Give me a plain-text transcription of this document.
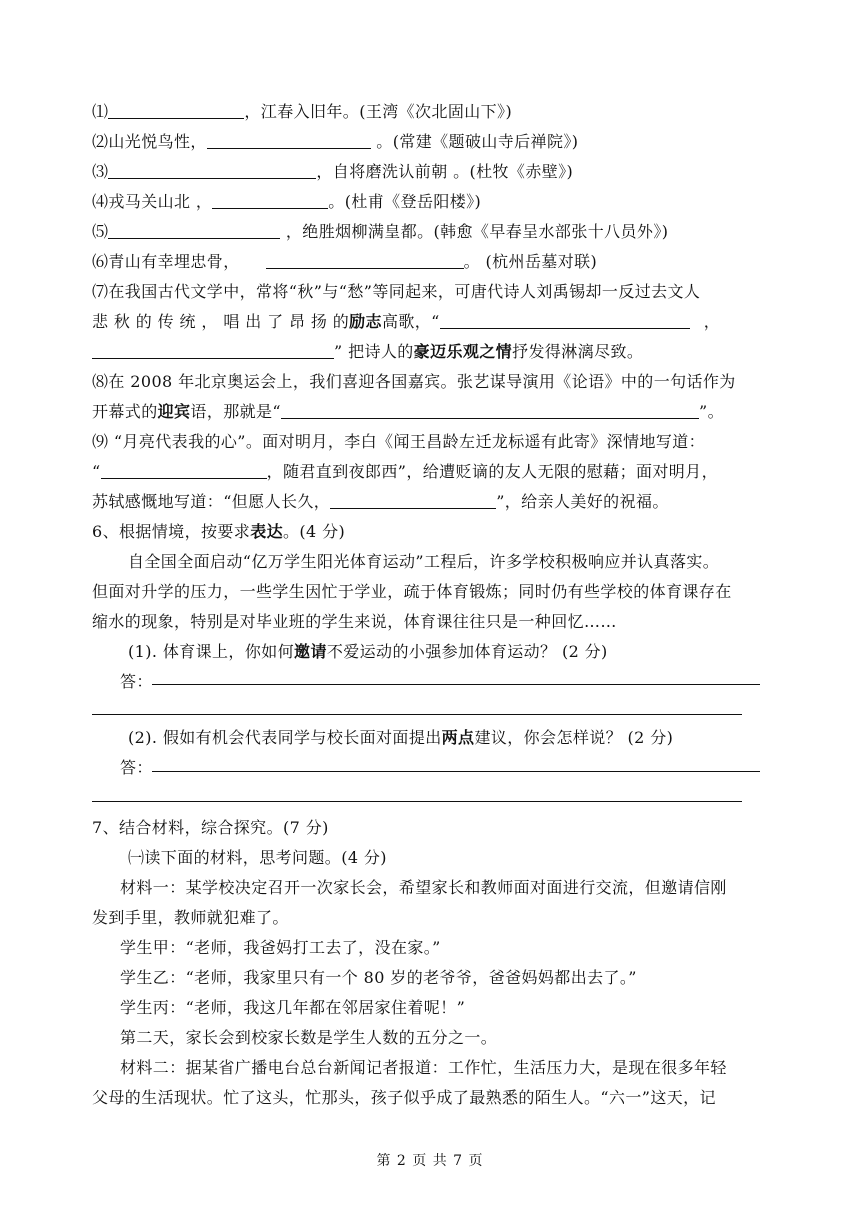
⑴	，江春入旧年。(王湾《次北固山下》)
⑵山光悦鸟性，	。(常建《题破山寺后禅院》)
⑶	，自将磨洗认前朝 。(杜牧《赤壁》)
⑷戎马关山北 ，	。(杜甫《登岳阳楼》)
⑸	，绝胜烟柳满皇都。(韩愈《早春呈水部张十八员外》)
⑹青山有幸埋忠骨，	。 (杭州岳墓对联)
⑺在我国古代文学中，常将“秋”与“愁”等同起来，可唐代诗人刘禹锡却一反过去文人
悲 秋 的 传 统 ， 唱 出 了 昂 扬 的励志高歌，“	，
” 把诗人的豪迈乐观之情抒发得淋漓尽致。
⑻在 2008 年北京奥运会上，我们喜迎各国嘉宾。张艺谋导演用《论语》中的一句话作为
开幕式的迎宾语，那就是“	”。
⑼ “月亮代表我的心”。面对明月，李白《闻王昌龄左迁龙标遥有此寄》深情地写道：
“	，随君直到夜郎西”，给遭贬谪的友人无限的慰藉；面对明月，
苏轼感慨地写道：“但愿人长久，	”，给亲人美好的祝福。
6、根据情境，按要求表达。(4 分)
自全国全面启动“亿万学生阳光体育运动”工程后，许多学校积极响应并认真落实。
但面对升学的压力，一些学生因忙于学业，疏于体育锻炼；同时仍有些学校的体育课存在
缩水的现象，特别是对毕业班的学生来说，体育课往往只是一种回忆……
(1). 体育课上，你如何邀请不爱运动的小强参加体育运动？ (2 分)
答：
(2). 假如有机会代表同学与校长面对面提出两点建议，你会怎样说？ (2 分)
答：
7、结合材料，综合探究。(7 分)
㈠读下面的材料，思考问题。(4 分)
材料一：某学校决定召开一次家长会，希望家长和教师面对面进行交流，但邀请信刚
发到手里，教师就犯难了。
学生甲：“老师，我爸妈打工去了，没在家。”
学生乙：“老师，我家里只有一个 80 岁的老爷爷，爸爸妈妈都出去了。”
学生丙：“老师，我这几年都在邻居家住着呢！”
第二天，家长会到校家长数是学生人数的五分之一。
材料二：据某省广播电台总台新闻记者报道：工作忙，生活压力大，是现在很多年轻
父母的生活现状。忙了这头，忙那头，孩子似乎成了最熟悉的陌生人。“六一”这天，记
第 2 页 共 7 页
